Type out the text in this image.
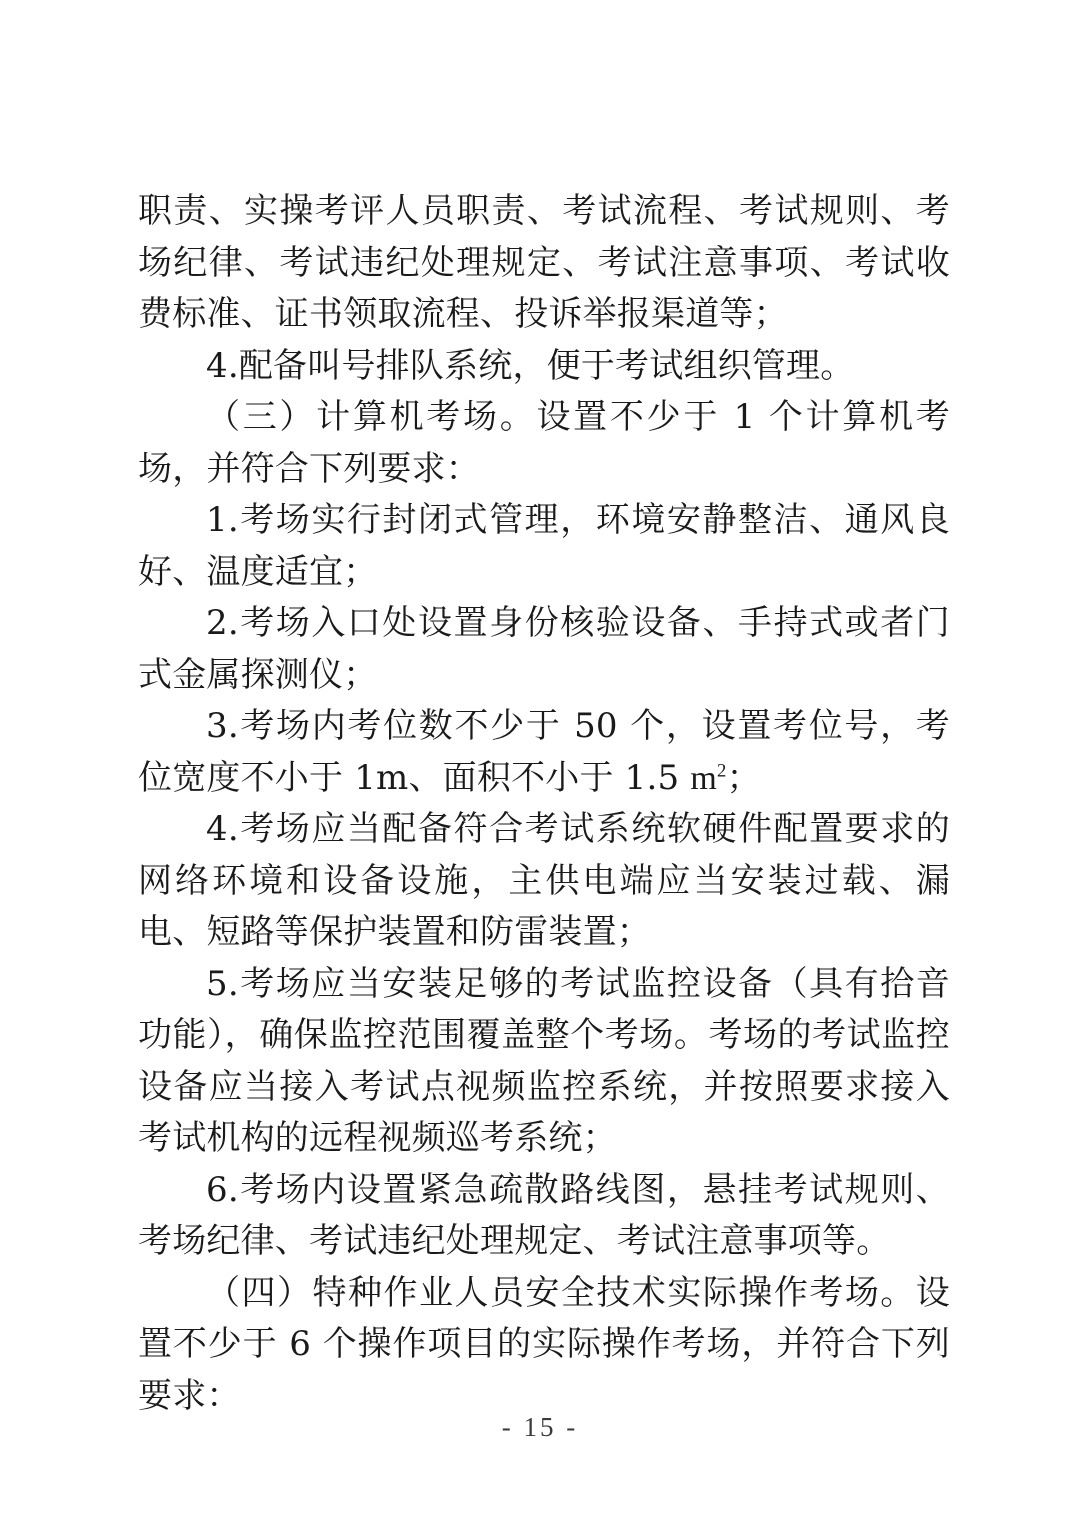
职责、实操考评人员职责、考试流程、考试规则、考场纪律、考试违纪处理规定、考试注意事项、考试收费标准、证书领取流程、投诉举报渠道等；

4.配备叫号排队系统，便于考试组织管理。

（三）计算机考场。设置不少于 1 个计算机考场，并符合下列要求：

1.考场实行封闭式管理，环境安静整洁、通风良好、温度适宜；

2.考场入口处设置身份核验设备、手持式或者门式金属探测仪；

3.考场内考位数不少于 50 个，设置考位号，考位宽度不小于 1m、面积不小于 1.5 $m^2$；

4.考场应当配备符合考试系统软硬件配置要求的网络环境和设备设施，主供电端应当安装过载、漏电、短路等保护装置和防雷装置；

5.考场应当安装足够的考试监控设备（具有拾音功能），确保监控范围覆盖整个考场。考场的考试监控设备应当接入考试点视频监控系统，并按照要求接入考试机构的远程视频巡考系统；

6.考场内设置紧急疏散路线图，悬挂考试规则、考场纪律、考试违纪处理规定、考试注意事项等。

（四）特种作业人员安全技术实际操作考场。设置不少于 6 个操作项目的实际操作考场，并符合下列要求：

- 15 -
